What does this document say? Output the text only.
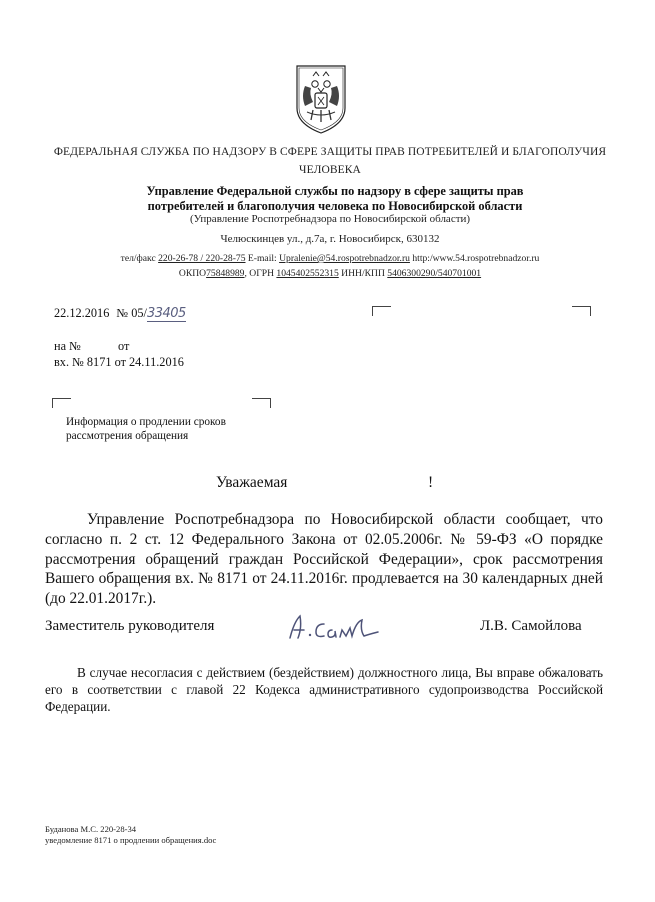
ФЕДЕРАЛЬНАЯ СЛУЖБА ПО НАДЗОРУ В СФЕРЕ ЗАЩИТЫ ПРАВ ПОТРЕБИТЕЛЕЙ И БЛАГОПОЛУЧИЯ
ЧЕЛОВЕКА
Управление Федеральной службы по надзору в сфере защиты прав
потребителей и благополучия человека по Новосибирской области
(Управление Роспотребнадзора по Новосибирской области)
Челюскинцев ул., д.7а, г. Новосибирск, 630132
тел/факс 220-26-78 / 220-28-75 E-mail: Upralenie@54.rospotrebnadzor.ru http:/www.54.rospotrebnadzor.ru
ОКПО75848989, ОГРН 1045402552315 ИНН/КПП 5406300290/540701001
22.12.2016 № 05/33405
на №	от
вх. № 8171 от 24.11.2016
Информация о продлении сроков
рассмотрения обращения
Уважаемая	!
Управление Роспотребнадзора по Новосибирской области сообщает, что согласно п. 2 ст. 12 Федерального Закона от 02.05.2006г. № 59-ФЗ «О порядке рассмотрения обращений граждан Российской Федерации», срок рассмотрения Вашего обращения вх. № 8171 от 24.11.2016г. продлевается на 30 календарных дней (до 22.01.2017г.).
Заместитель руководителя	Л.В. Самойлова
В случае несогласия с действием (бездействием) должностного лица, Вы вправе обжаловать его в соответствии с главой 22 Кодекса административного судопроизводства Российской Федерации.
Буданова М.С. 220-28-34
уведомление 8171 о продлении обращения.doc
